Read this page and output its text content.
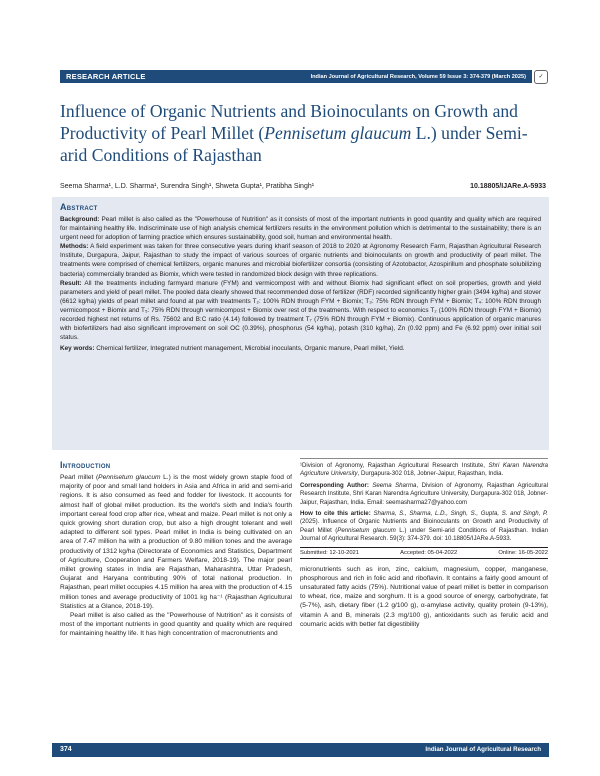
RESEARCH ARTICLE	Indian Journal of Agricultural Research, Volume 59 Issue 3: 374-379 (March 2025)	✓
Influence of Organic Nutrients and Bioinoculants on Growth and Productivity of Pearl Millet (Pennisetum glaucum L.) under Semi-arid Conditions of Rajasthan
Seema Sharma¹, L.D. Sharma¹, Surendra Singh¹, Shweta Gupta¹, Pratibha Singh¹	10.18805/IJARe.A-5933
Abstract

Background: Pearl millet is also called as the "Powerhouse of Nutrition" as it consists of most of the important nutrients in good quantity and quality which are required for maintaining healthy life. Indiscriminate use of high analysis chemical fertilizers results in the environment pollution which is detrimental to the sustainability; there is an urgent need for adoption of farming practice which ensures sustainability, good soil, human and environmental health.

Methods: A field experiment was taken for three consecutive years during kharif season of 2018 to 2020 at Agronomy Research Farm, Rajasthan Agricultural Research Institute, Durgapura, Jaipur, Rajasthan to study the impact of various sources of organic nutrients and bioinoculants on growth and productivity of pearl millet. The treatments were comprised of chemical fertilizers, organic manures and microbial biofertilizer consortia (consisting of Azotobactor, Azospirillum and phosphate solubilizing bacteria) commercially branded as Biomix, which were tested in randomized block design with three replications.

Result: All the treatments including farmyard manure (FYM) and vermicompost with and without Biomix had significant effect on soil properties, growth and yield parameters and yield of pearl millet. The pooled data clearly showed that recommended dose of fertilizer (RDF) recorded significantly higher grain (3494 kg/ha) and stover (6612 kg/ha) yields of pearl millet and found at par with treatments T₂: 100% RDN through FYM + Biomix; T₃: 75% RDN through FYM + Biomix; T₄: 100% RDN through vermicompost + Biomix and T₅: 75% RDN through vermicompost + Biomix over rest of the treatments. With respect to economics T₂ (100% RDN through FYM + Biomix) recorded highest net returns of Rs. 75602 and B:C ratio (4.14) followed by treatment T₇ (75% RDN through FYM + Biomix). Continuous application of organic manures with biofertilizers had also significant improvement on soil OC (0.39%), phosphorus (54 kg/ha), potash (310 kg/ha), Zn (0.92 ppm) and Fe (6.92 ppm) over initial soil status.

Key words: Chemical fertilizer, Integrated nutrient management, Microbial inoculants, Organic manure, Pearl millet, Yield.

Introduction

Pearl millet (Pennisetum glaucum L.) is the most widely grown staple food of majority of poor and small land holders in Asia and Africa in arid and semi-arid regions. It is also consumed as feed and fodder for livestock. It accounts for almost half of global millet production. Its the world's sixth and India's fourth important cereal food crop after rice, wheat and maize. Pearl millet is not only a quick growing short duration crop, but also a high drought tolerant and well adapted to different soil types. Pearl millet in India is being cultivated on an area of 7.47 million ha with a production of 9.80 million tones and the average productivity of 1312 kg/ha (Directorate of Economics and Statistics, Department of Agriculture, Cooperation and Farmers Welfare, 2018-19). The major pearl millet growing states in India are Rajasthan, Maharashtra, Uttar Pradesh, Gujarat and Haryana contributing 90% of total national production. In Rajasthan, pearl millet occupies 4.15 million ha area with the production of 4.15 million tones and average productivity of 1001 kg ha⁻¹ (Rajasthan Agricultural Statistics at a Glance, 2018-19).

Pearl millet is also called as the "Powerhouse of Nutrition" as it consists of most of the important nutrients in good quantity and quality which are required for maintaining healthy life. It has high concentration of macronutrients and

¹Division of Agronomy, Rajasthan Agricultural Research Institute, Shri Karan Narendra Agriculture University, Durgapura-302 018, Jobner-Jaipur, Rajasthan, India.

Corresponding Author: Seema Sharma, Division of Agronomy, Rajasthan Agricultural Research Institute, Shri Karan Narendra Agriculture University, Durgapura-302 018, Jobner-Jaipur, Rajasthan, India. Email: seemasharma27@yahoo.com

How to cite this article: Sharma, S., Sharma, L.D., Singh, S., Gupta, S. and Singh, P. (2025). Influence of Organic Nutrients and Bioinoculants on Growth and Productivity of Pearl Millet (Pennisetum glaucum L.) under Semi-arid Conditions of Rajasthan. Indian Journal of Agricultural Research. 59(3): 374-379. doi: 10.18805/IJARe.A-5933.

Submitted: 12-10-2021	Accepted: 05-04-2022	Online: 16-05-2022

micronutrients such as iron, zinc, calcium, magnesium, copper, manganese, phosphorous and rich in folic acid and riboflavin. It contains a fairly good amount of unsaturated fatty acids (75%). Nutritional value of pearl millet is better in comparison to wheat, rice, maize and sorghum. It is a good source of energy, carbohydrate, fat (5-7%), ash, dietary fiber (1.2 g/100 g), α-amylase activity, quality protein (9-13%), vitamin A and B, minerals (2.3 mg/100 g), antioxidants such as ferulic acid and coumaric acids with better fat digestibility

374	Indian Journal of Agricultural Research
